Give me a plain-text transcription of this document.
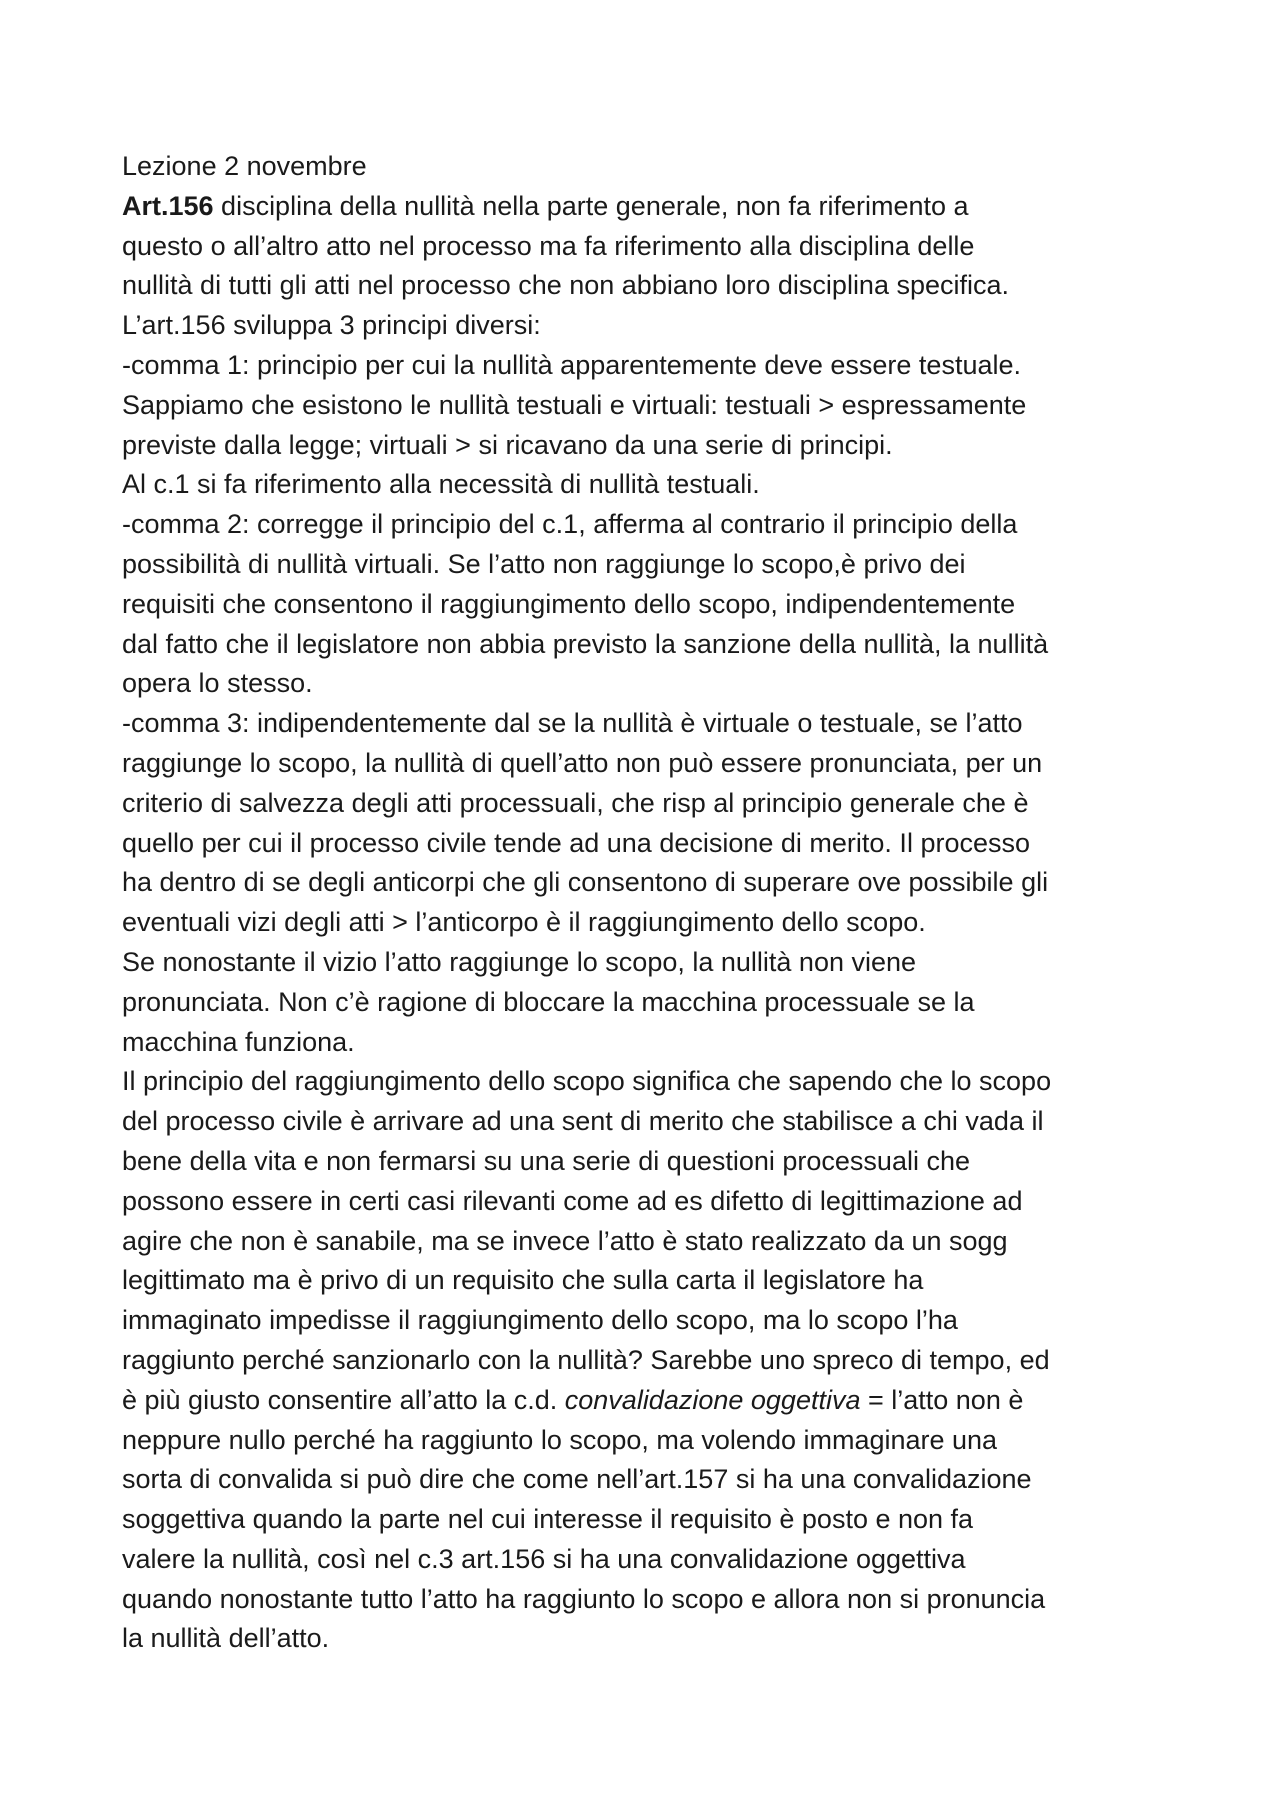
Lezione 2 novembre
Art.156 disciplina della nullità nella parte generale, non fa riferimento a
questo o all’altro atto nel processo ma fa riferimento alla disciplina delle
nullità di tutti gli atti nel processo che non abbiano loro disciplina specifica.
L’art.156 sviluppa 3 principi diversi:
-comma 1: principio per cui la nullità apparentemente deve essere testuale.
Sappiamo che esistono le nullità testuali e virtuali: testuali > espressamente
previste dalla legge; virtuali > si ricavano da una serie di principi.
Al c.1 si fa riferimento alla necessità di nullità testuali.
-comma 2: corregge il principio del c.1, afferma al contrario il principio della
possibilità di nullità virtuali. Se l’atto non raggiunge lo scopo,è privo dei
requisiti che consentono il raggiungimento dello scopo, indipendentemente
dal fatto che il legislatore non abbia previsto la sanzione della nullità, la nullità
opera lo stesso.
-comma 3: indipendentemente dal se la nullità è virtuale o testuale, se l’atto
raggiunge lo scopo, la nullità di quell’atto non può essere pronunciata, per un
criterio di salvezza degli atti processuali, che risp al principio generale che è
quello per cui il processo civile tende ad una decisione di merito. Il processo
ha dentro di se degli anticorpi che gli consentono di superare ove possibile gli
eventuali vizi degli atti > l’anticorpo è il raggiungimento dello scopo.
Se nonostante il vizio l’atto raggiunge lo scopo, la nullità non viene
pronunciata. Non c’è ragione di bloccare la macchina processuale se la
macchina funziona.
Il principio del raggiungimento dello scopo significa che sapendo che lo scopo
del processo civile è arrivare ad una sent di merito che stabilisce a chi vada il
bene della vita e non fermarsi su una serie di questioni processuali che
possono essere in certi casi rilevanti come ad es difetto di legittimazione ad
agire che non è sanabile, ma se invece l’atto è stato realizzato da un sogg
legittimato ma è privo di un requisito che sulla carta il legislatore ha
immaginato impedisse il raggiungimento dello scopo, ma lo scopo l’ha
raggiunto perché sanzionarlo con la nullità? Sarebbe uno spreco di tempo, ed
è più giusto consentire all’atto la c.d. convalidazione oggettiva = l’atto non è
neppure nullo perché ha raggiunto lo scopo, ma volendo immaginare una
sorta di convalida si può dire che come nell’art.157 si ha una convalidazione
soggettiva quando la parte nel cui interesse il requisito è posto e non fa
valere la nullità, così nel c.3 art.156 si ha una convalidazione oggettiva
quando nonostante tutto l’atto ha raggiunto lo scopo e allora non si pronuncia
la nullità dell’atto.
